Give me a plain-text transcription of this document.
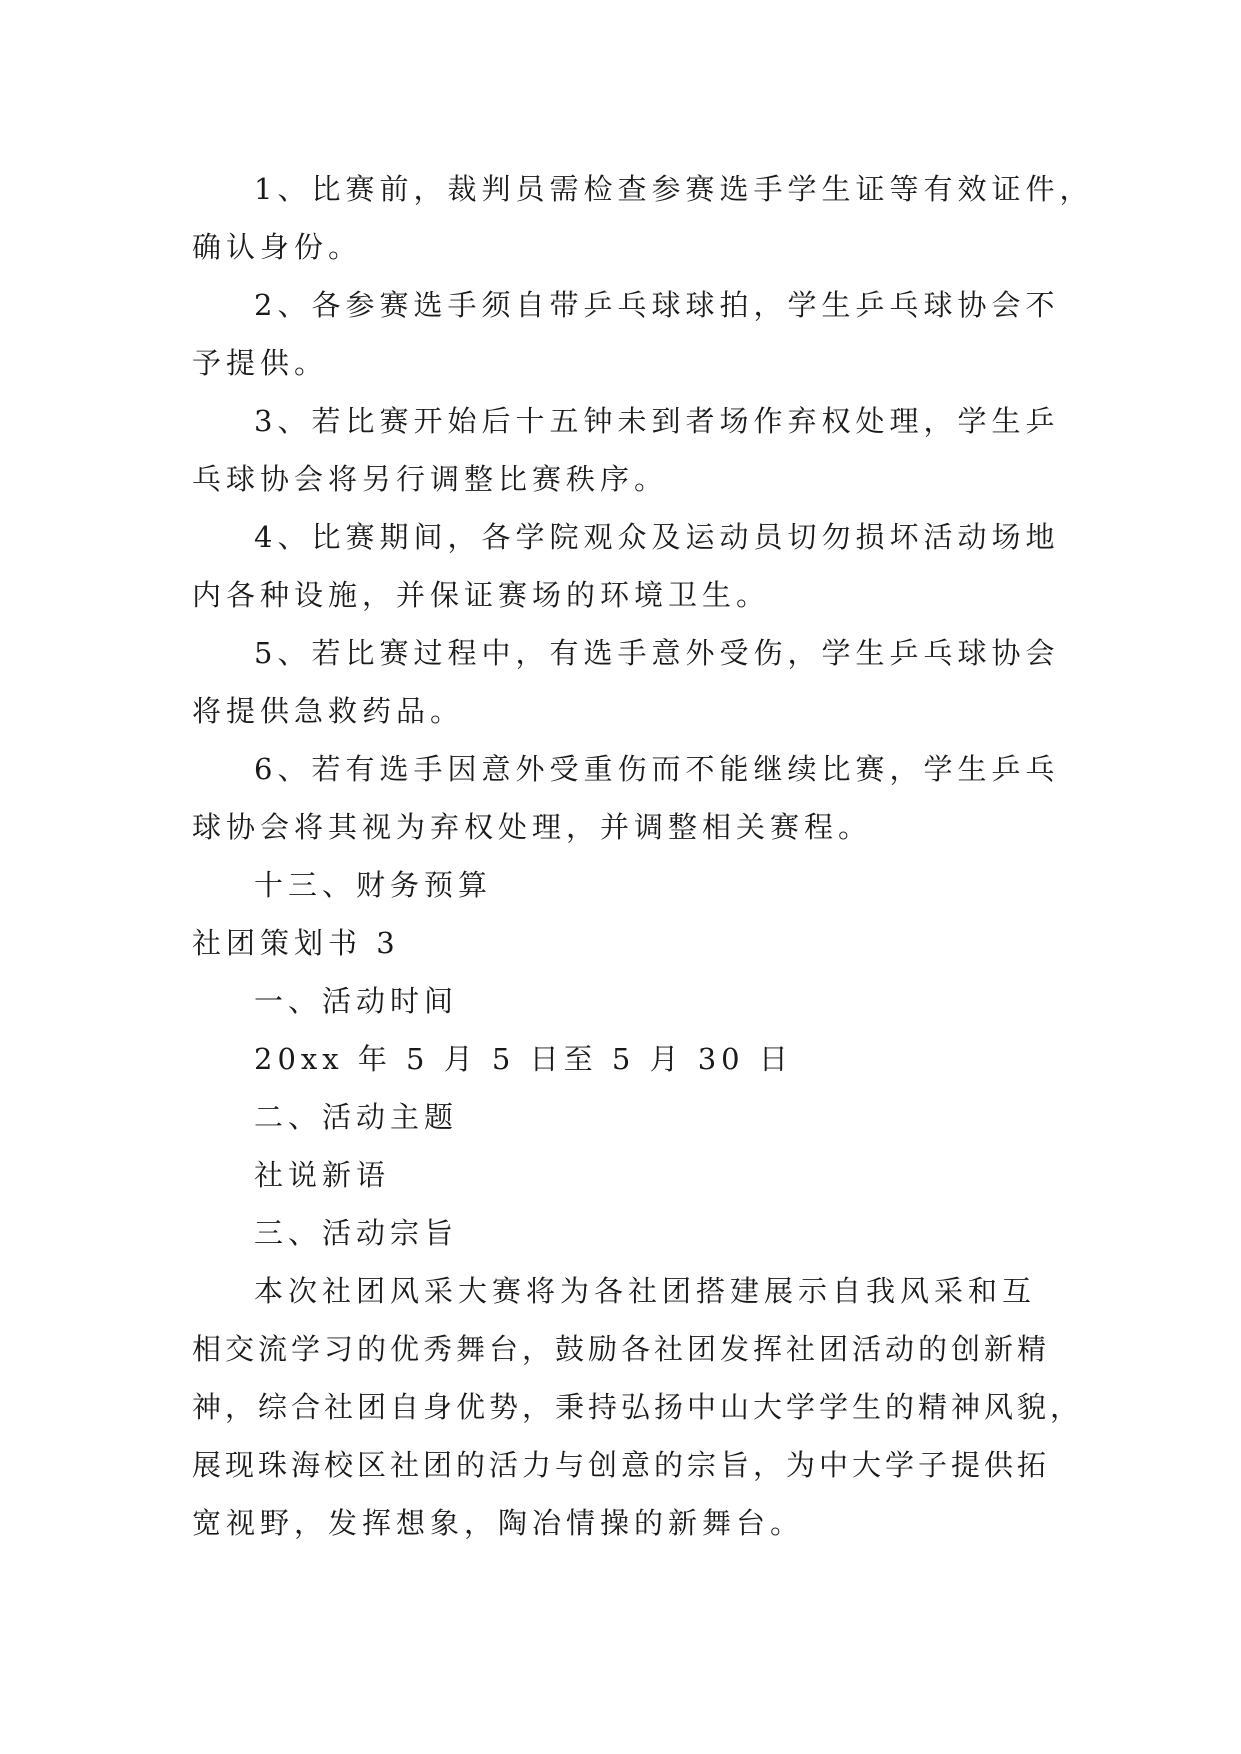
1、比赛前，裁判员需检查参赛选手学生证等有效证件，

确认身份。

2、各参赛选手须自带乒乓球球拍，学生乒乓球协会不

予提供。

3、若比赛开始后十五钟未到者场作弃权处理，学生乒

乓球协会将另行调整比赛秩序。

4、比赛期间，各学院观众及运动员切勿损坏活动场地

内各种设施，并保证赛场的环境卫生。

5、若比赛过程中，有选手意外受伤，学生乒乓球协会

将提供急救药品。

6、若有选手因意外受重伤而不能继续比赛，学生乒乓

球协会将其视为弃权处理，并调整相关赛程。

十三、财务预算

社团策划书 3

一、活动时间

20xx 年 5 月 5 日至 5 月 30 日

二、活动主题

社说新语

三、活动宗旨

本次社团风采大赛将为各社团搭建展示自我风采和互

相交流学习的优秀舞台，鼓励各社团发挥社团活动的创新精

神，综合社团自身优势，秉持弘扬中山大学学生的精神风貌，

展现珠海校区社团的活力与创意的宗旨，为中大学子提供拓

宽视野，发挥想象，陶冶情操的新舞台。
